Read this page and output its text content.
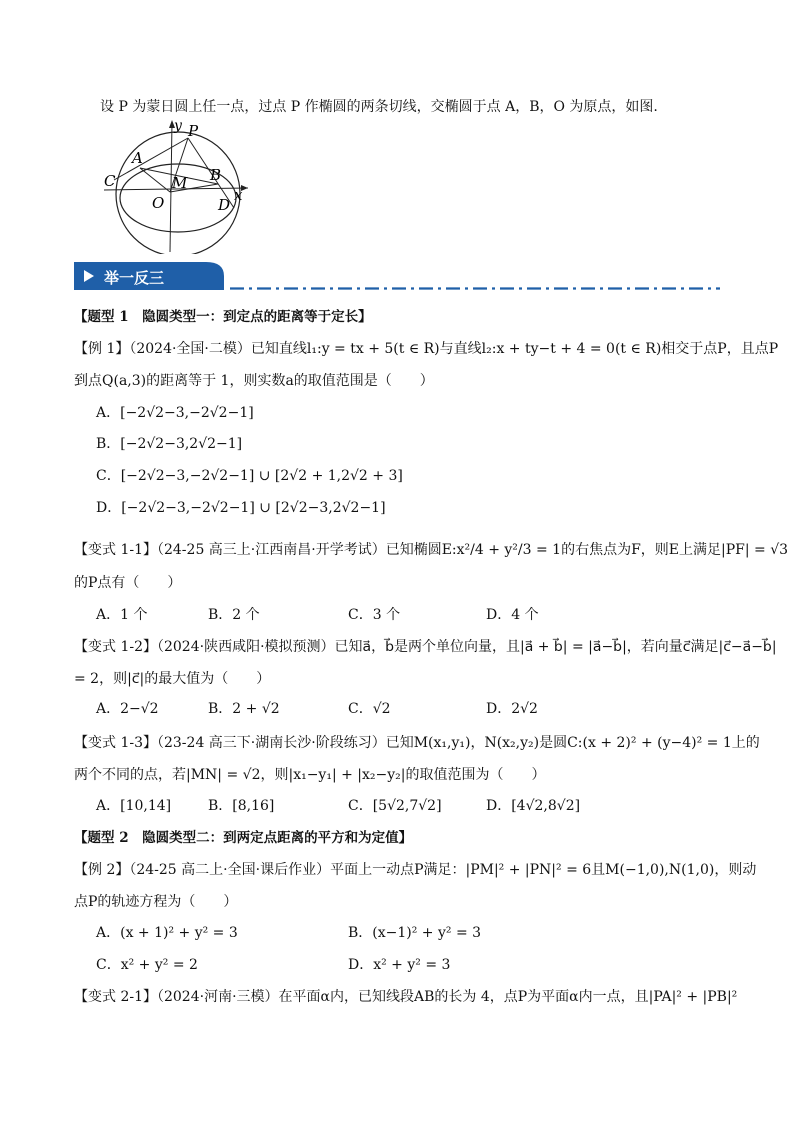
设 P 为蒙日圆上任一点，过点 P 作椭圆的两条切线，交椭圆于点 A，B，O 为原点，如图.
y P
A
C	M B
O	x
D
举一反三
【题型 1　隐圆类型一：到定点的距离等于定长】
【例 1】（2024·全国·二模）已知直线l₁:y = tx + 5(t ∈ R)与直线l₂:x + ty−t + 4 = 0(t ∈ R)相交于点P，且点P
到点Q(a,3)的距离等于 1，则实数a的取值范围是（　　）
A．[−2√2−3,−2√2−1]
B．[−2√2−3,2√2−1]
C．[−2√2−3,−2√2−1] ∪ [2√2 + 1,2√2 + 3]
D．[−2√2−3,−2√2−1] ∪ [2√2−3,2√2−1]
【变式 1-1】（24-25 高三上·江西南昌·开学考试）已知椭圆E:x²/4 + y²/3 = 1的右焦点为F，则E上满足|PF| = √3
的P点有（　　）
A．1 个	B．2 个	C．3 个	D．4 个
【变式 1-2】（2024·陕西咸阳·模拟预测）已知a⃗，b⃗是两个单位向量，且|a⃗ + b⃗| = |a⃗−b⃗|，若向量c⃗满足|c⃗−a⃗−b⃗|
= 2，则|c⃗|的最大值为（　　）
A．2−√2	B．2 + √2	C．√2	D．2√2
【变式 1-3】（23-24 高三下·湖南长沙·阶段练习）已知M(x₁,y₁)，N(x₂,y₂)是圆C:(x + 2)² + (y−4)² = 1上的
两个不同的点，若|MN| = √2，则|x₁−y₁| + |x₂−y₂|的取值范围为（　　）
A．[10,14]	B．[8,16]	C．[5√2,7√2]	D．[4√2,8√2]
【题型 2　隐圆类型二：到两定点距离的平方和为定值】
【例 2】（24-25 高二上·全国·课后作业）平面上一动点P满足：|PM|² + |PN|² = 6且M(−1,0),N(1,0)，则动
点P的轨迹方程为（　　）
A．(x + 1)² + y² = 3	B．(x−1)² + y² = 3
C．x² + y² = 2	D．x² + y² = 3
【变式 2-1】（2024·河南·三模）在平面α内，已知线段AB的长为 4，点P为平面α内一点，且|PA|² + |PB|²
